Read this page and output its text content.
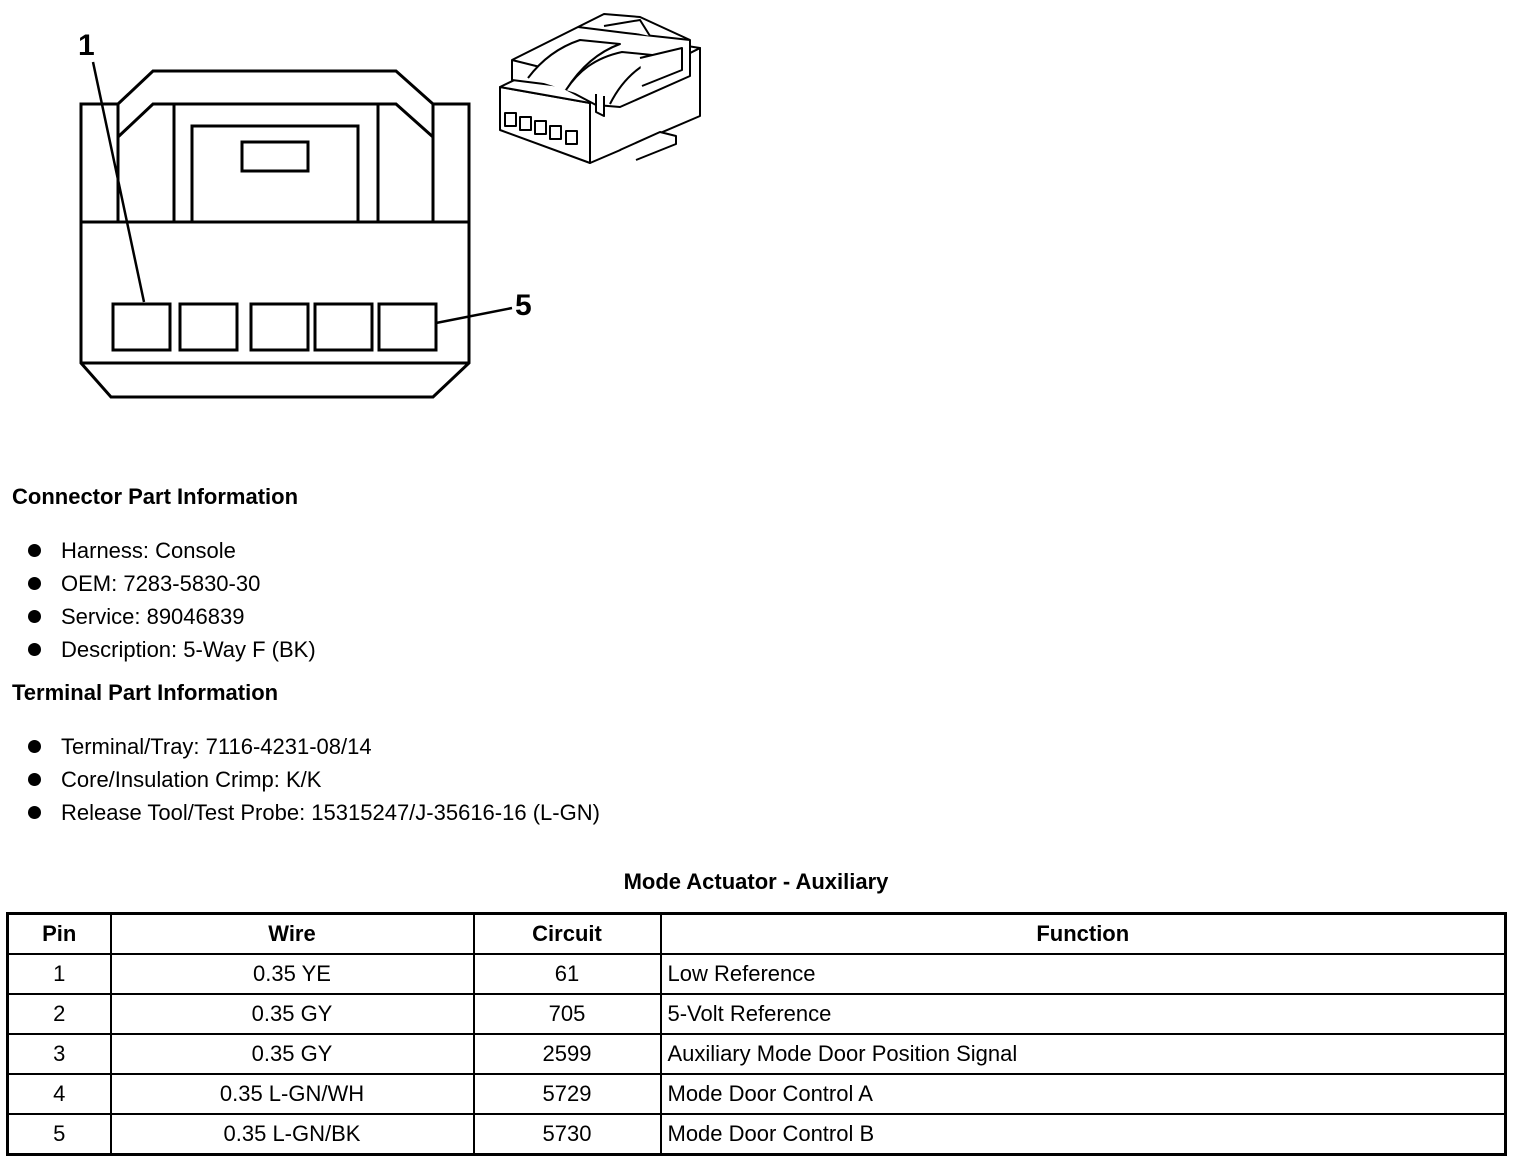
1
5
Connector Part Information
Harness: Console
OEM: 7283-5830-30
Service: 89046839
Description: 5-Way F (BK)
Terminal Part Information
Terminal/Tray: 7116-4231-08/14
Core/Insulation Crimp: K/K
Release Tool/Test Probe: 15315247/J-35616-16 (L-GN)
Mode Actuator - Auxiliary
Pin	Wire	Circuit	Function
1	0.35 YE	61	Low Reference
2	0.35 GY	705	5-Volt Reference
3	0.35 GY	2599	Auxiliary Mode Door Position Signal
4	0.35 L-GN/WH	5729	Mode Door Control A
5	0.35 L-GN/BK	5730	Mode Door Control B
